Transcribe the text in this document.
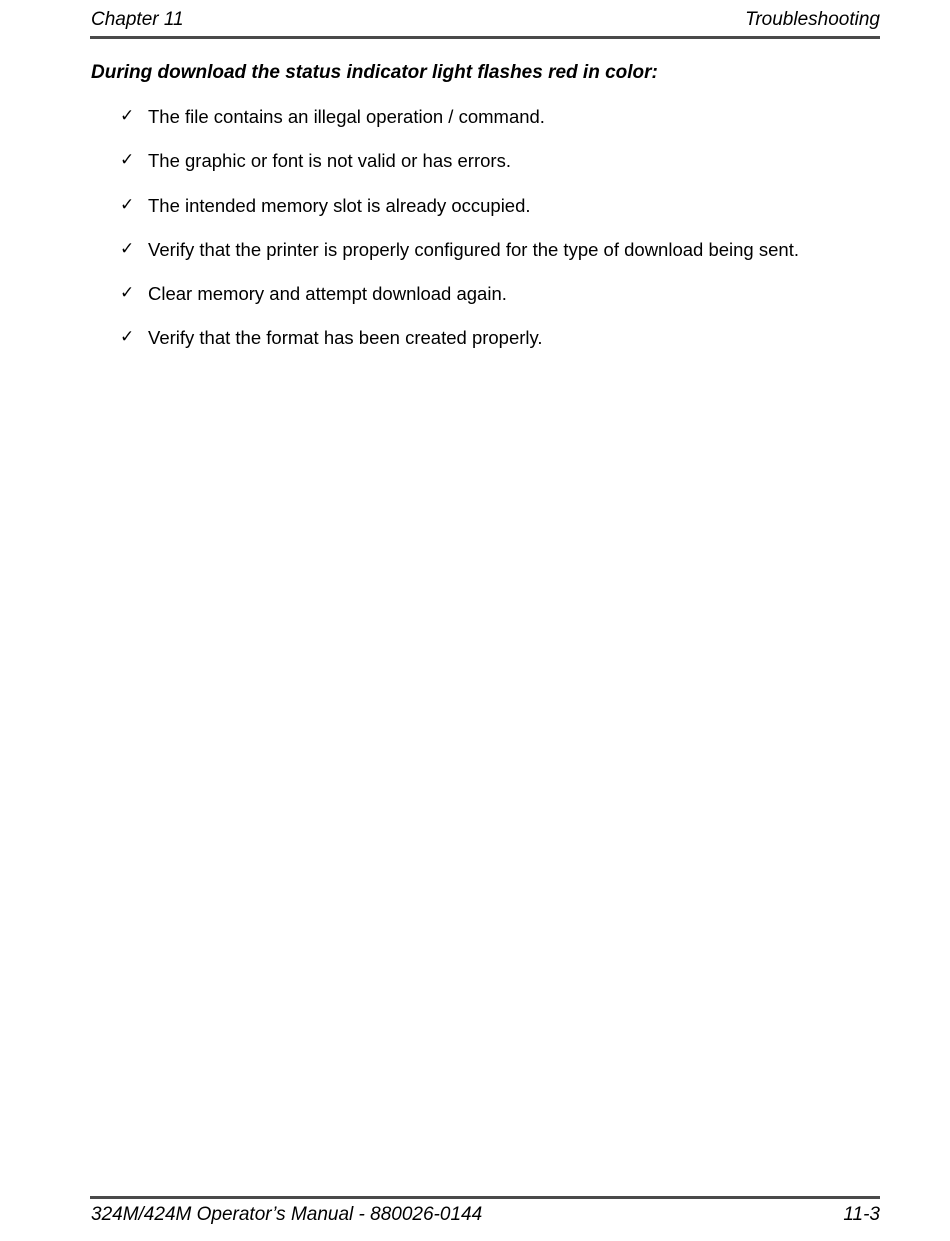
Chapter 11	Troubleshooting
During download the status indicator light flashes red in color:
✓ The file contains an illegal operation / command.
✓ The graphic or font is not valid or has errors.
✓ The intended memory slot is already occupied.
✓ Verify that the printer is properly configured for the type of download being sent.
✓ Clear memory and attempt download again.
✓ Verify that the format has been created properly.
324M/424M Operator’s Manual - 880026-0144	11-3
